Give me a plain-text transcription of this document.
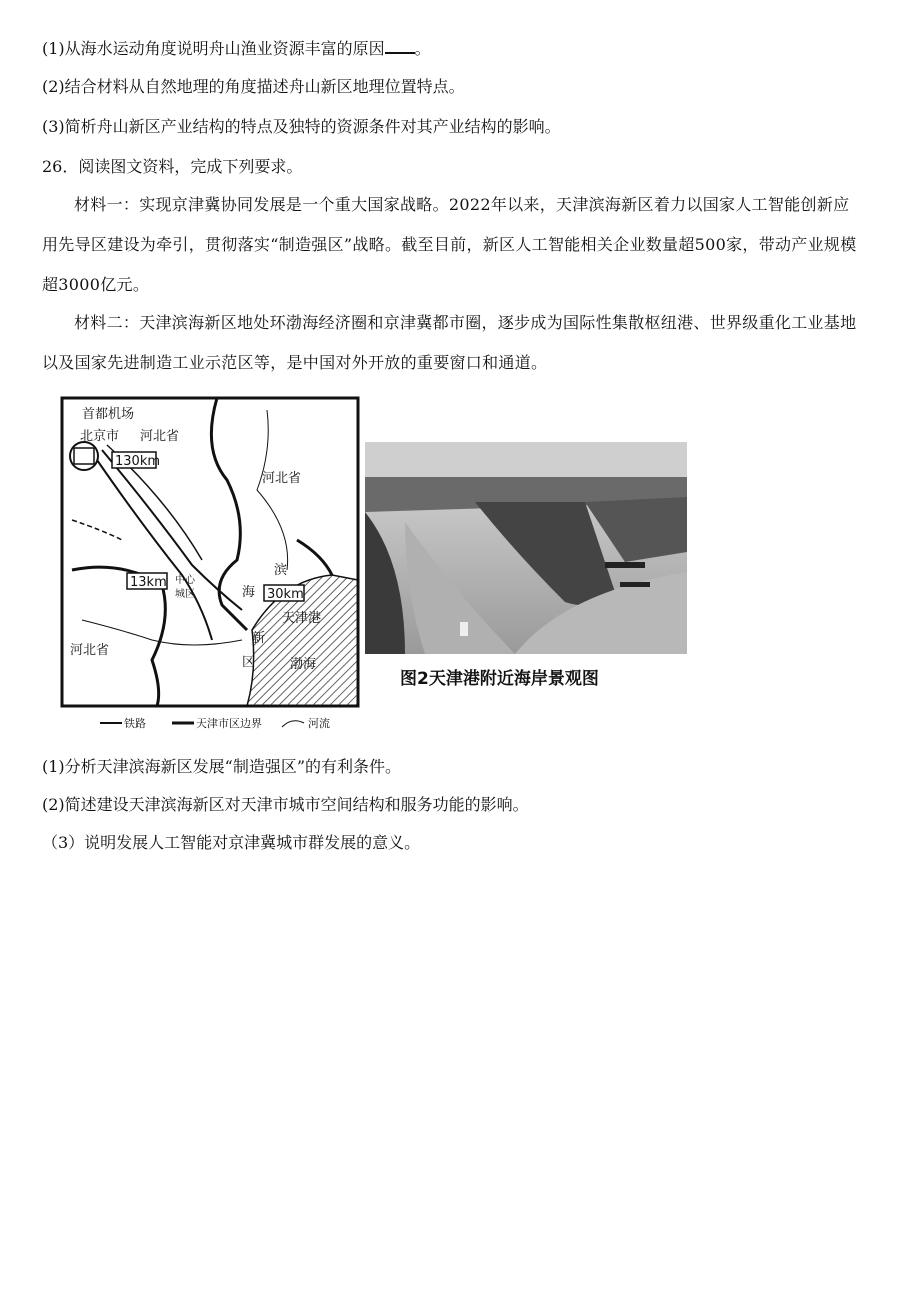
(1)从海水运动角度说明舟山渔业资源丰富的原因 。
(2)结合材料从自然地理的角度描述舟山新区地理位置特点。
(3)简析舟山新区产业结构的特点及独特的资源条件对其产业结构的影响。
26．阅读图文资料，完成下列要求。
材料一：实现京津冀协同发展是一个重大国家战略。2022年以来，天津滨海新区着力以国家人工智能创新应用先导区建设为牵引，贯彻落实“制造强区”战略。截至目前，新区人工智能相关企业数量超500家，带动产业规模超3000亿元。
材料二：天津滨海新区地处环渤海经济圈和京津冀都市圈，逐步成为国际性集散枢纽港、世界级重化工业基地以及国家先进制造工业示范区等，是中国对外开放的重要窗口和通道。
首都机场
北京市 河北省
130km
河北省
13km 中心
城区	30km
天津港
滨
海
新
区
河北省
渤海
铁路	天津市区边界	河流
图2天津港附近海岸景观图
(1)分析天津滨海新区发展“制造强区”的有利条件。
(2)简述建设天津滨海新区对天津市城市空间结构和服务功能的影响。
（3）说明发展人工智能对京津冀城市群发展的意义。
